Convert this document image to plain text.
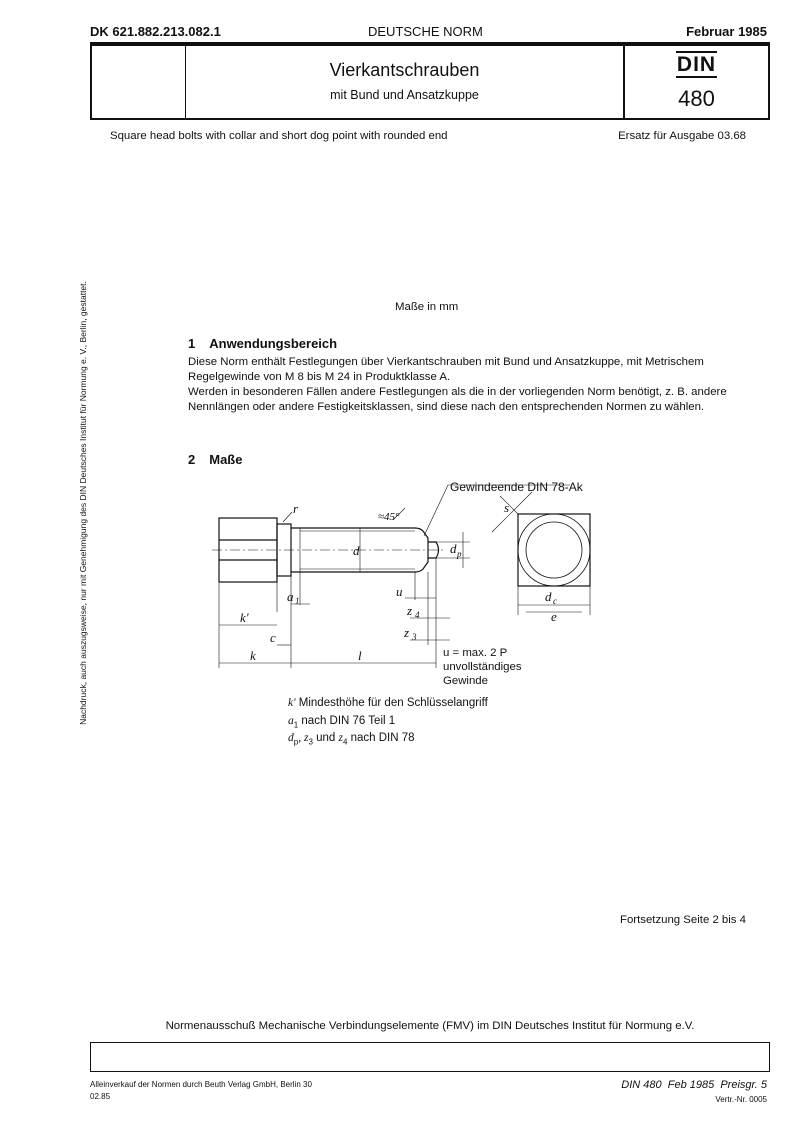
DK 621.882.213.082.1	DEUTSCHE NORM	Februar 1985
Vierkantschrauben
mit Bund und Ansatzkuppe
DIN
480
Square head bolts with collar and short dog point with rounded end	Ersatz für Ausgabe 03.68
Maße in mm
Nachdruck, auch auszugsweise, nur mit Genehmigung des DIN Deutsches Institut für Normung e. V., Berlin, gestattet.	1 Anwendungsbereich

Diese Norm enthält Festlegungen über Vierkantschrauben mit Bund und Ansatzkuppe, mit Metrischem Regelgewinde von M 8 bis M 24 in Produktklasse A.

Werden in besonderen Fällen andere Festlegungen als die in der vorliegenden Norm benötigt, z. B. andere Nennlängen oder andere Festigkeitsklassen, sind diese nach den entsprechenden Normen zu wählen.

2 Maße
r
d	d p
≈45°
a 1
u
z 4
z 3
k'
c
k	l
s
d c
e
Gewindeende DIN 78-Ak
u = max. 2 P
unvollständiges
Gewinde
k' Mindesthöhe für den Schlüsselangriff
$a_1$ nach DIN 76 Teil 1
$d_p$, $z_3$ und $z_4$ nach DIN 78
Fortsetzung Seite 2 bis 4
Normenausschuß Mechanische Verbindungselemente (FMV) im DIN Deutsches Institut für Normung e.V.
Alleinverkauf der Normen durch Beuth Verlag GmbH, Berlin 30
02.85
DIN 480  Feb 1985  Preisgr. 5
Vertr.-Nr. 0005
